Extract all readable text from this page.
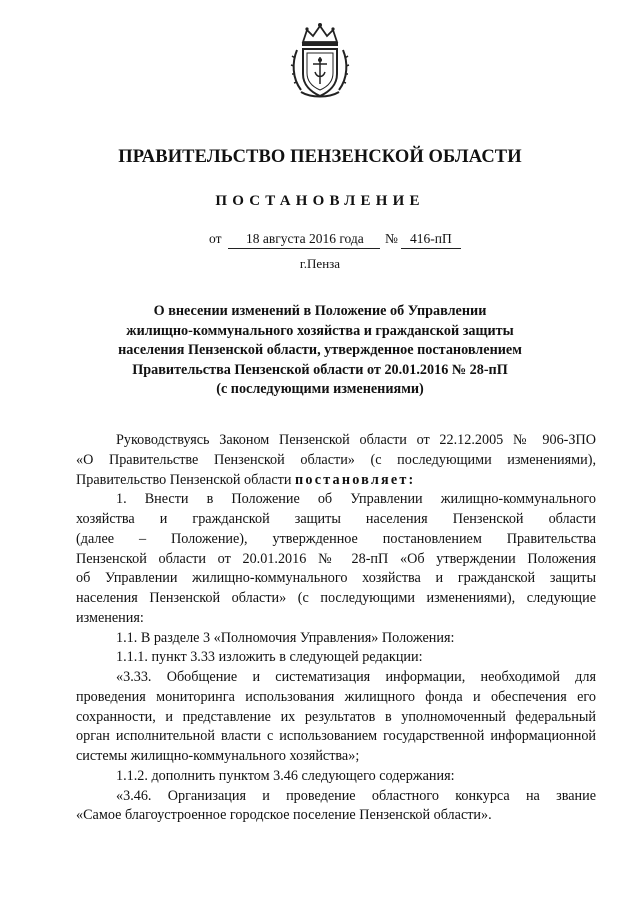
ПРАВИТЕЛЬСТВО ПЕНЗЕНСКОЙ ОБЛАСТИ
ПОСТАНОВЛЕНИЕ
от 18 августа 2016 года № 416-пП
г.Пенза
О внесении изменений в Положение об Управлении
жилищно-коммунального хозяйства и гражданской защиты
населения Пензенской области, утвержденное постановлением
Правительства Пензенской области от 20.01.2016 № 28-пП
(с последующими изменениями)
Руководствуясь Законом Пензенской области от 22.12.2005 № 906-ЗПО
«О Правительстве Пензенской области» (с последующими изменениями),
Правительство Пензенской области постановляет:
1. Внести в Положение об Управлении жилищно-коммунального
хозяйства и гражданской защиты населения Пензенской области
(далее – Положение), утвержденное постановлением Правительства
Пензенской области от 20.01.2016 № 28-пП «Об утверждении Положения
об Управлении жилищно-коммунального хозяйства и гражданской защиты
населения Пензенской области» (с последующими изменениями), следующие
изменения:
1.1. В разделе 3 «Полномочия Управления» Положения:
1.1.1. пункт 3.33 изложить в следующей редакции:
«3.33. Обобщение и систематизация информации, необходимой для
проведения мониторинга использования жилищного фонда и обеспечения его
сохранности, и представление их результатов в уполномоченный федеральный
орган исполнительной власти с использованием государственной информационной
системы жилищно-коммунального хозяйства»;
1.1.2. дополнить пунктом 3.46 следующего содержания:
«3.46. Организация и проведение областного конкурса на звание
«Самое благоустроенное городское поселение Пензенской области».
